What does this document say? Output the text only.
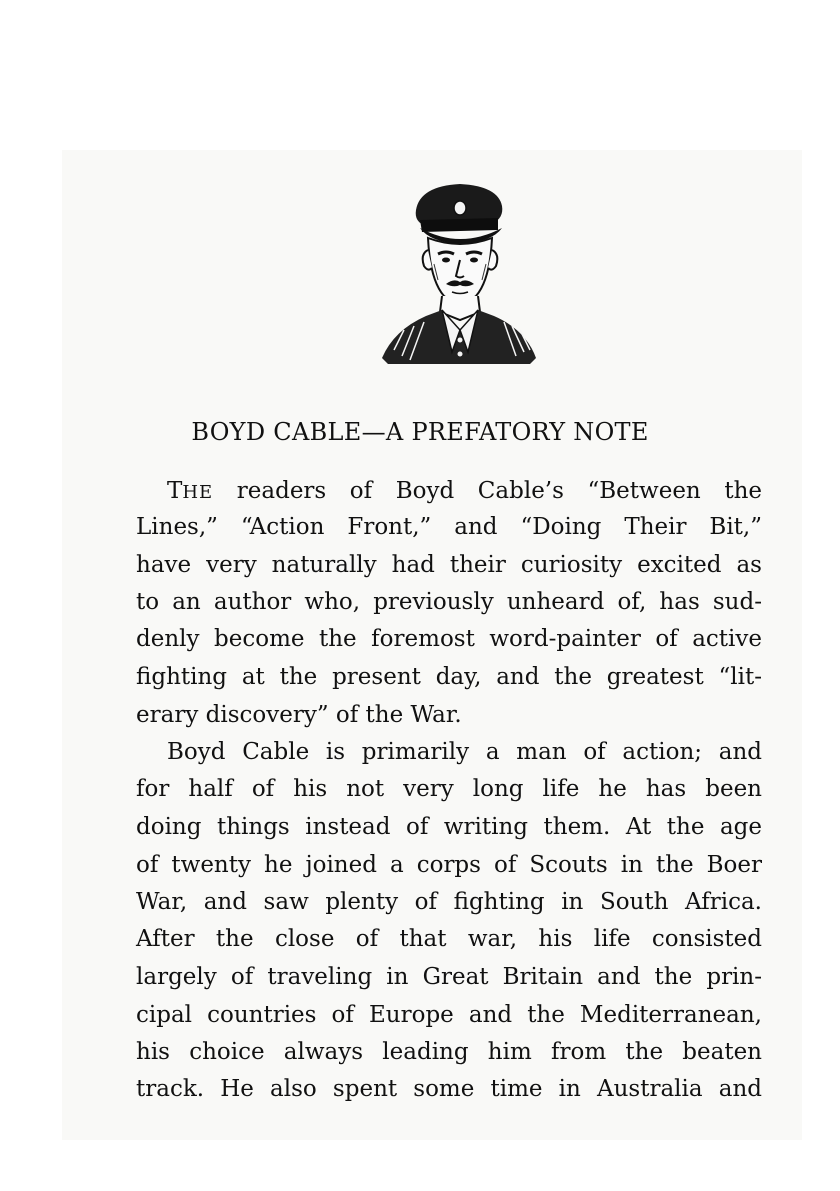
BOYD CABLE—A PREFATORY NOTE

THE readers of Boyd Cable’s “Between the

Lines,” “Action Front,” and “Doing Their Bit,”

have very naturally had their curiosity excited as

to an author who, previously unheard of, has sud-

denly become the foremost word-painter of active

fighting at the present day, and the greatest “lit-

erary discovery” of the War.

Boyd Cable is primarily a man of action; and

for half of his not very long life he has been

doing things instead of writing them. At the age

of twenty he joined a corps of Scouts in the Boer

War, and saw plenty of fighting in South Africa.

After the close of that war, his life consisted

largely of traveling in Great Britain and the prin-

cipal countries of Europe and the Mediterranean,

his choice always leading him from the beaten

track. He also spent some time in Australia and
